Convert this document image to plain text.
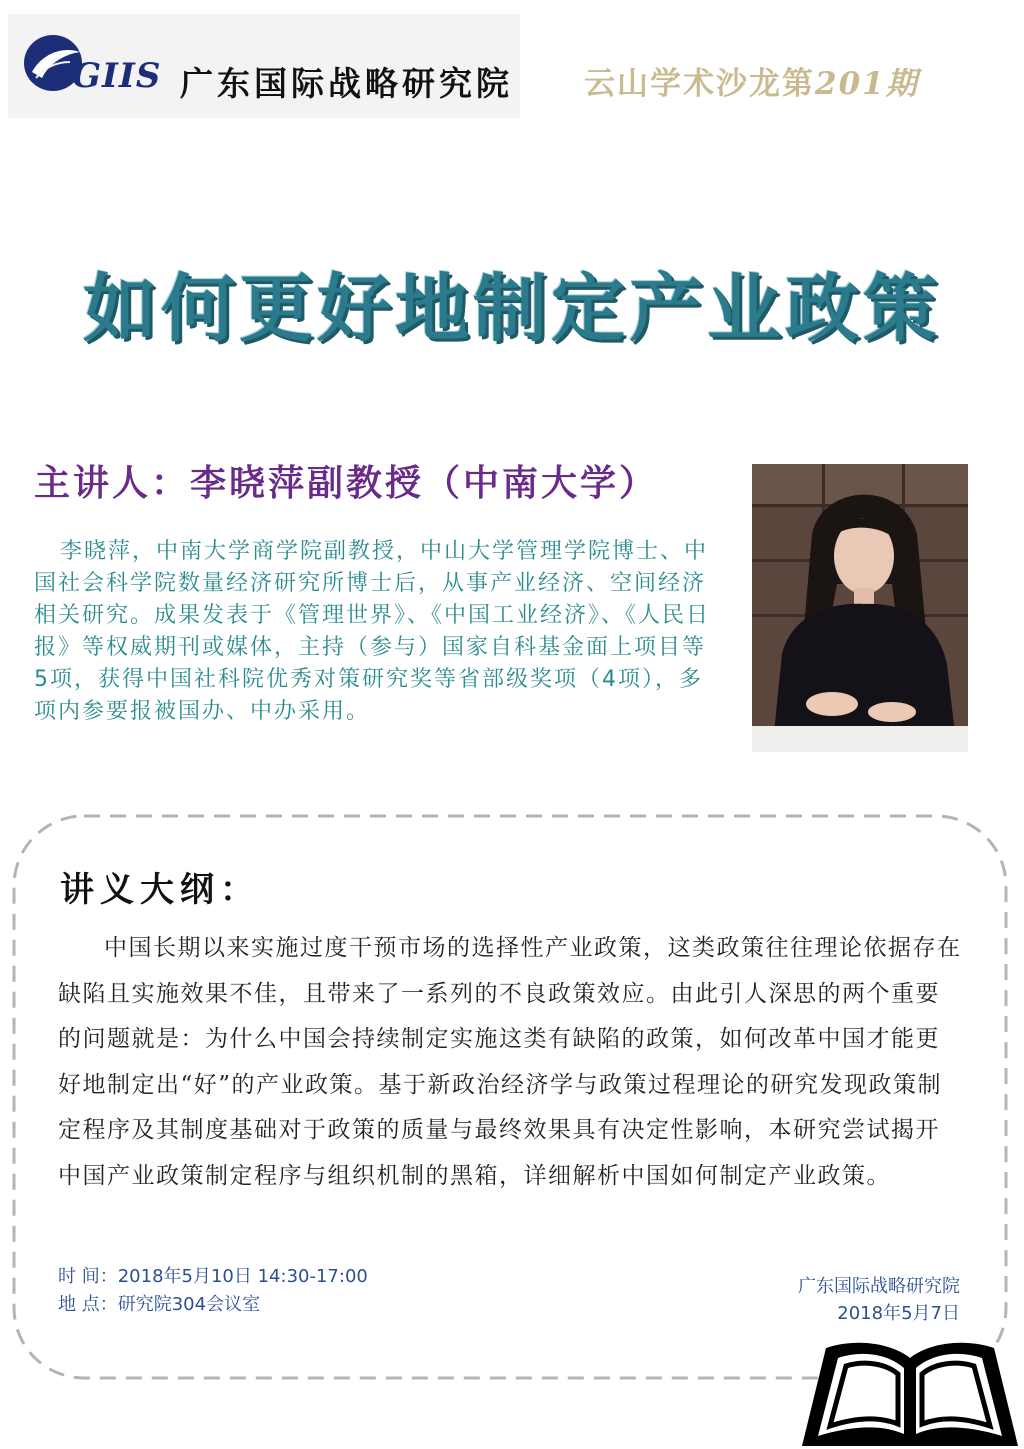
GIIS 广东国际战略研究院 云山学术沙龙第201期
如何更好地制定产业政策
主讲人：李晓萍副教授（中南大学）
李晓萍，中南大学商学院副教授，中山大学管理学院博士、中国社会科学院数量经济研究所博士后，从事产业经济、空间经济相关研究。成果发表于《管理世界》、《中国工业经济》、《人民日报》等权威期刊或媒体，主持（参与）国家自科基金面上项目等5项，获得中国社科院优秀对策研究奖等省部级奖项（4项），多项内参要报被国办、中办采用。
讲义大纲：
中国长期以来实施过度干预市场的选择性产业政策，这类政策往往理论依据存在缺陷且实施效果不佳，且带来了一系列的不良政策效应。由此引人深思的两个重要的问题就是：为什么中国会持续制定实施这类有缺陷的政策，如何改革中国才能更好地制定出“好”的产业政策。基于新政治经济学与政策过程理论的研究发现政策制定程序及其制度基础对于政策的质量与最终效果具有决定性影响，本研究尝试揭开中国产业政策制定程序与组织机制的黑箱，详细解析中国如何制定产业政策。
时 间：2018年5月10日 14:30-17:00
地 点：研究院304会议室
广东国际战略研究院
2018年5月7日
